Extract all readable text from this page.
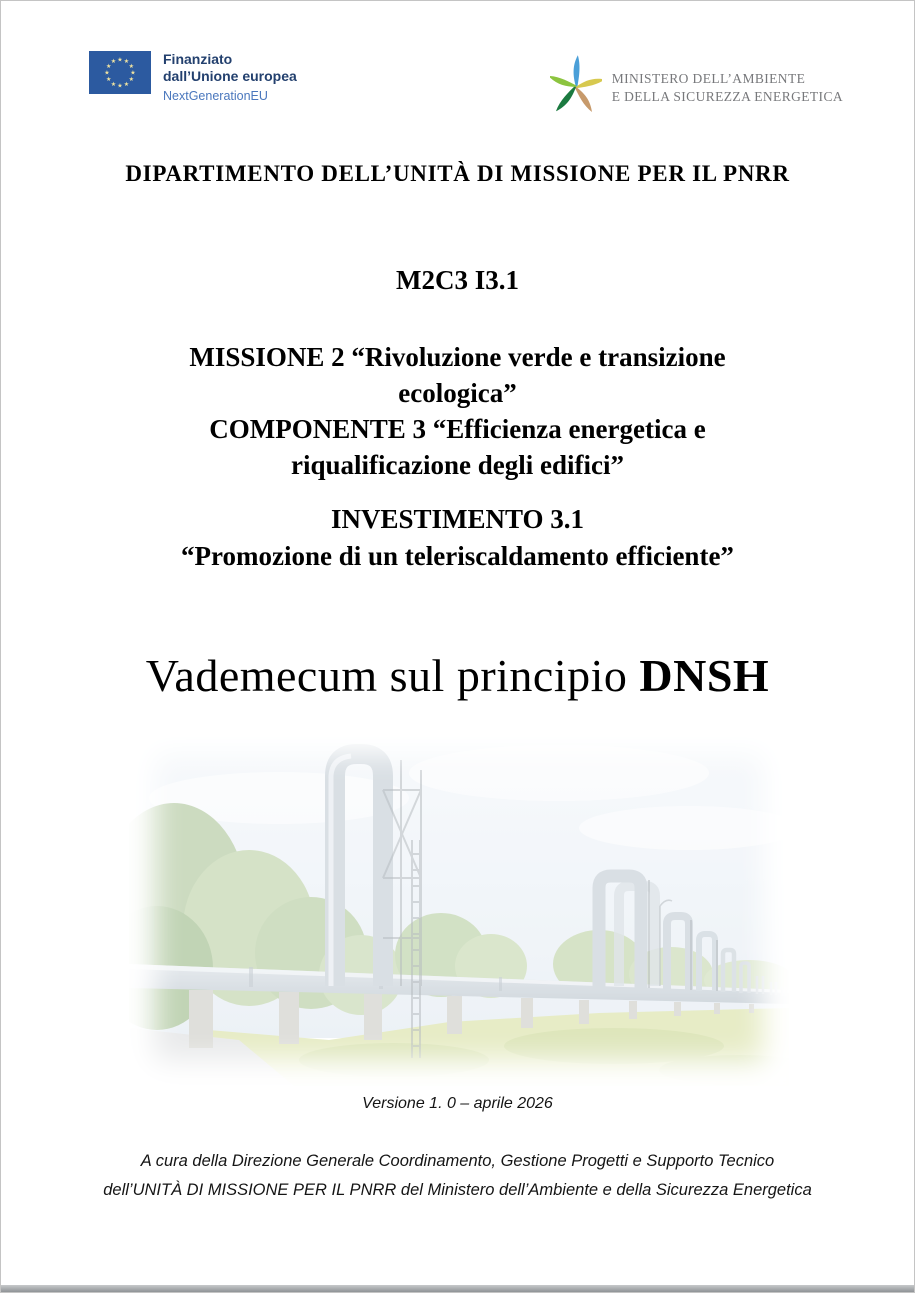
★ ★
★
★
★
★
★
★
★
★
★
★	Finanziato
dall’Unione europea
NextGenerationEU
MINISTERO DELL’AMBIENTE
E DELLA SICUREZZA ENERGETICA
DIPARTIMENTO DELL’UNITÀ DI MISSIONE PER IL PNRR
M2C3 I3.1
MISSIONE 2 “Rivoluzione verde e transizione ecologica”
COMPONENTE 3 “Efficienza energetica e riqualificazione degli edifici”
INVESTIMENTO 3.1
“Promozione di un teleriscaldamento efficiente”
Vademecum sul principio DNSH
Versione 1. 0 – aprile 2026
A cura della Direzione Generale Coordinamento, Gestione Progetti e Supporto Tecnico
dell’UNITÀ DI MISSIONE PER IL PNRR del Ministero dell’Ambiente e della Sicurezza Energetica
